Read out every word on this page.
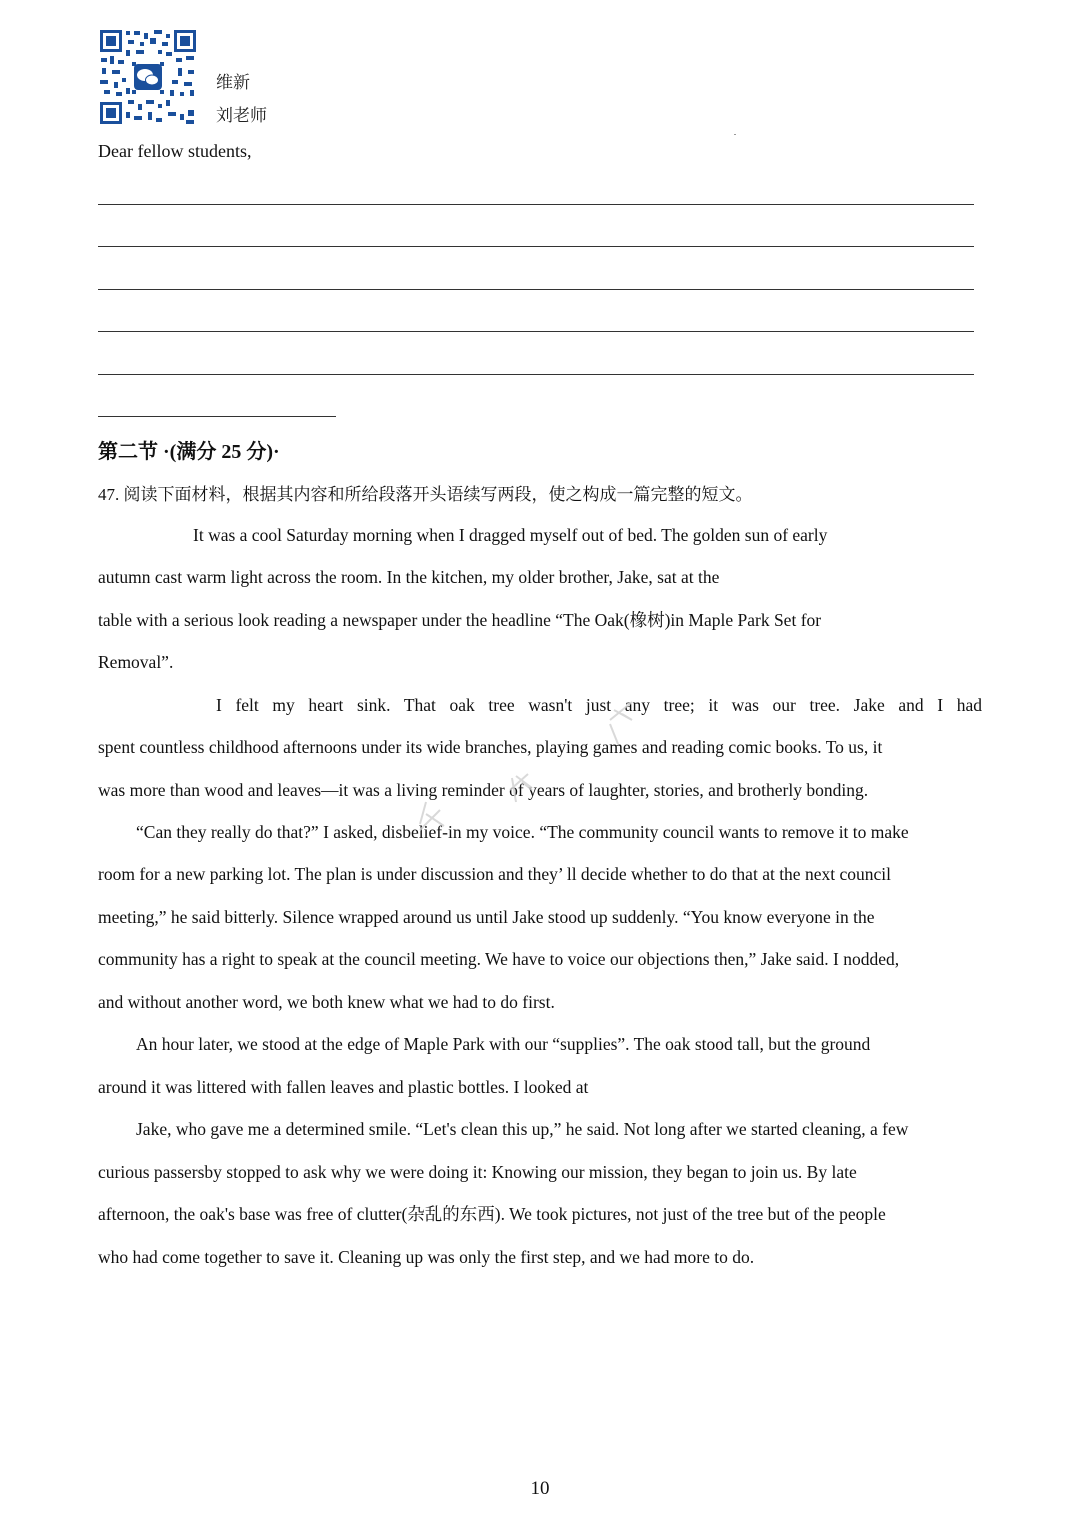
维新
刘老师
Dear fellow students,
第二节 ·(满分 25 分)·
47. 阅读下面材料，根据其内容和所给段落开头语续写两段，使之构成一篇完整的短文。
It was a cool Saturday morning when I dragged myself out of bed. The golden sun of early
autumn cast warm light across the room. In the kitchen, my older brother, Jake, sat at the
table with a serious look reading a newspaper under the headline “The Oak(橡树)in Maple Park Set for
Removal”.
I felt my heart sink. That oak tree wasn't just any tree; it was our tree. Jake and I had
spent countless childhood afternoons under its wide branches, playing games and reading comic books. To us, it
was more than wood and leaves—it was a living reminder of years of laughter, stories, and brotherly bonding.
“Can they really do that?” I asked, disbelief-in my voice. “The community council wants to remove it to make
room for a new parking lot. The plan is under discussion and they’ ll decide whether to do that at the next council
meeting,” he said bitterly. Silence wrapped around us until Jake stood up suddenly. “You know everyone in the
community has a right to speak at the council meeting. We have to voice our objections then,” Jake said. I nodded,
and without another word, we both knew what we had to do first.
An hour later, we stood at the edge of Maple Park with our “supplies”. The oak stood tall, but the ground
around it was littered with fallen leaves and plastic bottles. I looked at
Jake, who gave me a determined smile. “Let's clean this up,” he said. Not long after we started cleaning, a few
curious passersby stopped to ask why we were doing it: Knowing our mission, they began to join us. By late
afternoon, the oak's base was free of clutter(杂乱的东西). We took pictures, not just of the tree but of the people
who had come together to save it. Cleaning up was only the first step, and we had more to do.
10
